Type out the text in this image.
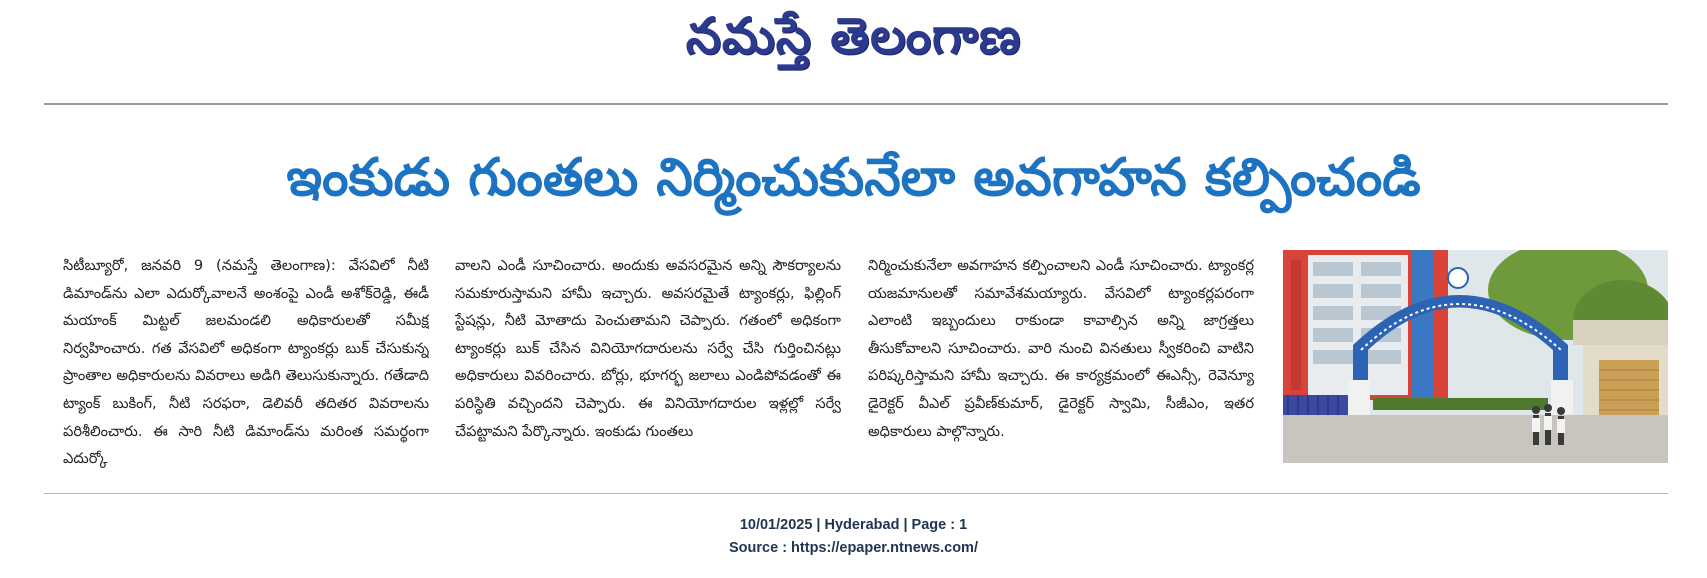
నమస్తే తెలంగాణ
ఇంకుడు గుంతలు నిర్మించుకునేలా అవగాహన కల్పించండి

సిటీబ్యూరో, జనవరి 9 (నమస్తే తెలంగాణ): వేసవిలో నీటి డిమాండ్‌ను ఎలా ఎదుర్కోవాలనే అంశంపై ఎండీ అశోక్‌రెడ్డి, ఈడీ మయాంక్ మిట్టల్ జలమండలి అధికారులతో సమీక్ష నిర్వహించారు. గత వేసవిలో అధికంగా ట్యాంకర్లు బుక్ చేసుకున్న ప్రాంతాల అధికారులను వివరాలు అడిగి తెలుసుకున్నారు. గతేడాది ట్యాంక్ బుకింగ్, నీటి సరఫరా, డెలివరీ తదితర వివరాలను పరిశీలించారు. ఈ సారి నీటి డిమాండ్‌ను మరింత సమర్థంగా ఎదుర్కో

వాలని ఎండీ సూచించారు. అందుకు అవసరమైన అన్ని సౌకర్యాలను సమకూరుస్తామని హామీ ఇచ్చారు. అవసరమైతే ట్యాంకర్లు, ఫిల్లింగ్ స్టేషన్లు, నీటి మోతాదు పెంచుతామని చెప్పారు. గతంలో అధికంగా ట్యాంకర్లు బుక్ చేసిన వినియోగదారులను సర్వే చేసి గుర్తించినట్లు అధికారులు వివరించారు. బోర్లు, భూగర్భ జలాలు ఎండిపోవడంతో ఈ పరిస్థితి వచ్చిందని చెప్పారు. ఈ వినియోగదారుల ఇళ్లల్లో సర్వే చేపట్టామని పేర్కొన్నారు. ఇంకుడు గుంతలు

నిర్మించుకునేలా అవగాహన కల్పించాలని ఎండీ సూచించారు. ట్యాంకర్ల యజమానులతో సమావేశమయ్యారు. వేసవిలో ట్యాంకర్లపరంగా ఎలాంటి ఇబ్బందులు రాకుండా కావాల్సిన అన్ని జాగ్రత్తలు తీసుకోవాలని సూచించారు. వారి నుంచి వినతులు స్వీకరించి వాటిని పరిష్కరిస్తామని హామీ ఇచ్చారు. ఈ కార్యక్రమంలో ఈఎన్సీ, రెవెన్యూ డైరెక్టర్ వీఎల్ ప్రవీణ్‌కుమార్, డైరెక్టర్ స్వామి, సీజీఎం, ఇతర అధికారులు పాల్గొన్నారు.

10/01/2025 | Hyderabad | Page : 1
Source : https://epaper.ntnews.com/
